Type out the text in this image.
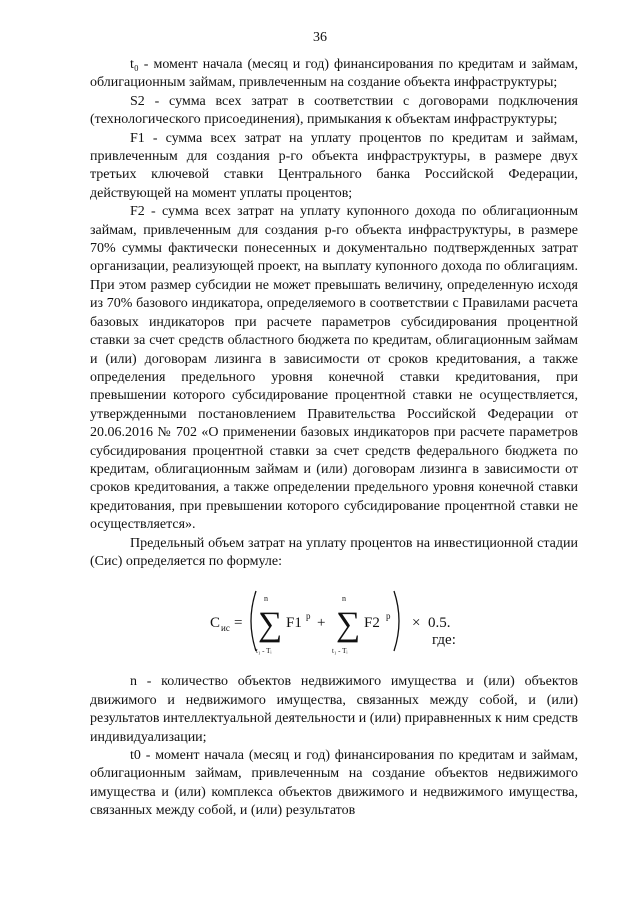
36

t₀ - момент начала (месяц и год) финансирования по кредитам и займам, облигационным займам, привлеченным на создание объекта инфраструктуры;

S2 - сумма всех затрат в соответствии с договорами подключения (технологического присоединения), примыкания к объектам инфраструктуры;

F1 - сумма всех затрат на уплату процентов по кредитам и займам, привлеченным для создания р-го объекта инфраструктуры, в размере двух третьих ключевой ставки Центрального банка Российской Федерации, действующей на момент уплаты процентов;

F2 - сумма всех затрат на уплату купонного дохода по облигационным займам, привлеченным для создания р-го объекта инфраструктуры, в размере 70% суммы фактически понесенных и документально подтвержденных затрат организации, реализующей проект, на выплату купонного дохода по облигациям. При этом размер субсидии не может превышать величину, определенную исходя из 70% базового индикатора, определяемого в соответствии с Правилами расчета базовых индикаторов при расчете параметров субсидирования процентной ставки за счет средств областного бюджета по кредитам, облигационным займам и (или) договорам лизинга в зависимости от сроков кредитования, а также определения предельного уровня конечной ставки кредитования, при превышении которого субсидирование процентной ставки не осуществляется, утвержденными постановлением Правительства Российской Федерации от 20.06.2016 № 702 «О применении базовых индикаторов при расчете параметров субсидирования процентной ставки за счет средств федерального бюджета по кредитам, облигационным займам и (или) договорам лизинга в зависимости от сроков кредитования, а также определении предельного уровня конечной ставки кредитования, при превышении которого субсидирование процентной ставки не осуществляется».

Предельный объем затрат на уплату процентов на инвестиционной стадии (Сис) определяется по формуле:

С ис =
n
∑
t₁ - Tᵢ
F1 p +
n
∑
t₁ - Tᵢ
F2 p × 0.5.
где:

n - количество объектов недвижимого имущества и (или) объектов движимого и недвижимого имущества, связанных между собой, и (или) результатов интеллектуальной деятельности и (или) приравненных к ним средств индивидуализации;

t0 - момент начала (месяц и год) финансирования по кредитам и займам, облигационным займам, привлеченным на создание объектов недвижимого имущества и (или) комплекса объектов движимого и недвижимого имущества, связанных между собой, и (или) результатов
